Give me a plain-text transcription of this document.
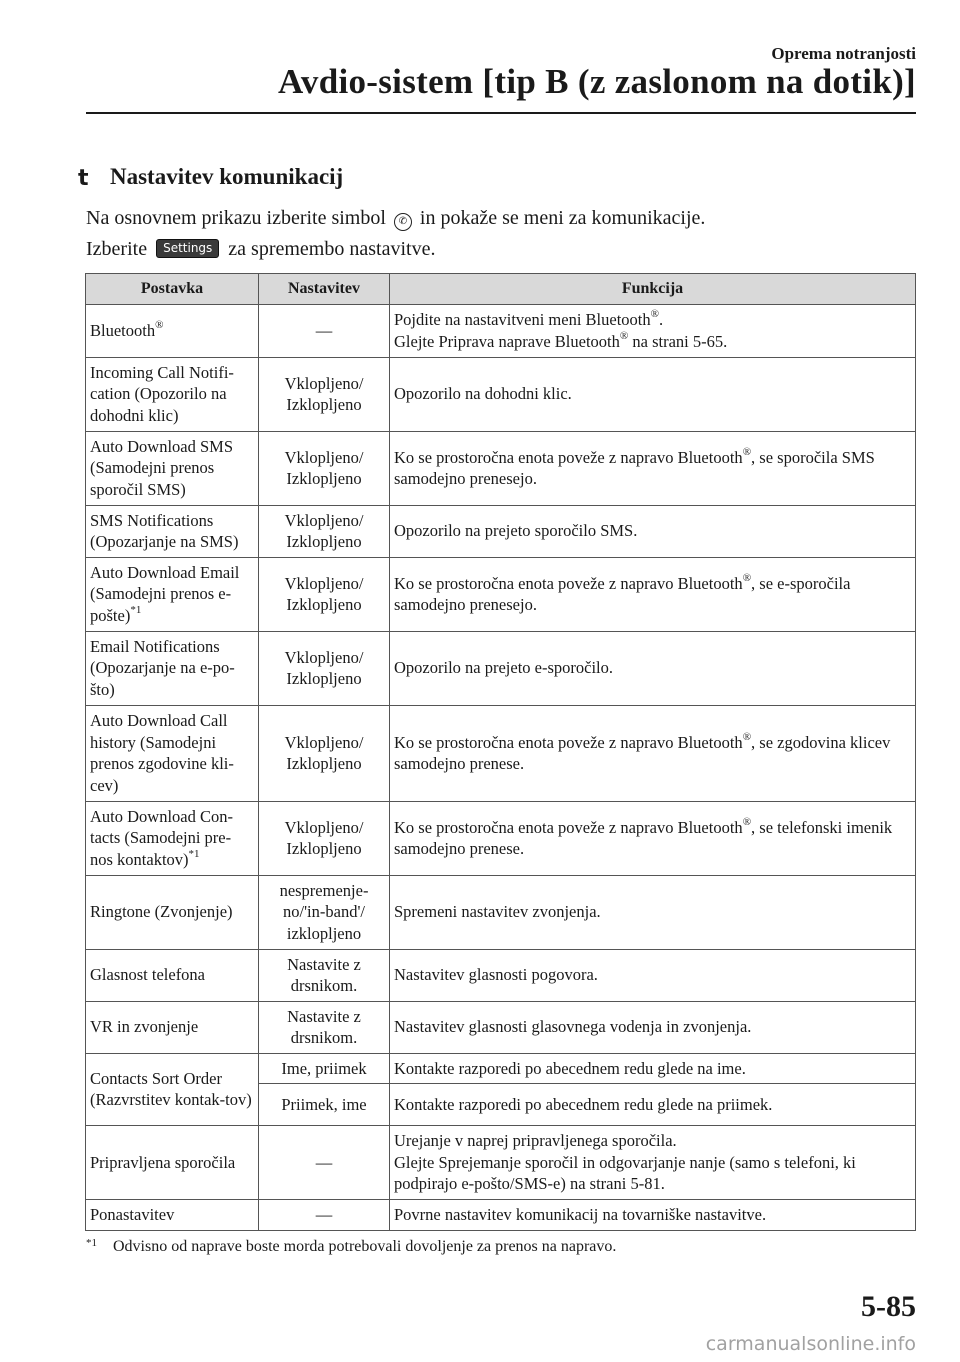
Oprema notranjosti
Avdio-sistem [tip B (z zaslonom na dotik)]
t Nastavitev komunikacij
Na osnovnem prikazu izberite simbol ✆ in pokaže se meni za komunikacije.
Izberite Settings za spremembo nastavitve.
Postavka	Nastavitev	Funkcija
Bluetooth®	—	Pojdite na nastavitveni meni Bluetooth®.
Glejte Priprava naprave Bluetooth® na strani 5-65.
Incoming Call Notifi-cation (Opozorilo na dohodni klic)	Vklopljeno/ Izklopljeno	Opozorilo na dohodni klic.
Auto Download SMS (Samodejni prenos sporočil SMS)	Vklopljeno/ Izklopljeno	Ko se prostoročna enota poveže z napravo Bluetooth®, se sporočila SMS samodejno prenesejo.
SMS Notifications (Opozarjanje na SMS)	Vklopljeno/ Izklopljeno	Opozorilo na prejeto sporočilo SMS.
Auto Download Email (Samodejni prenos e-pošte)$^{*1}$	Vklopljeno/ Izklopljeno	Ko se prostoročna enota poveže z napravo Bluetooth®, se e-sporočila samodejno prenesejo.
Email Notifications (Opozarjanje na e-po-što)	Vklopljeno/ Izklopljeno	Opozorilo na prejeto e-sporočilo.
Auto Download Call history (Samodejni prenos zgodovine kli-cev)	Vklopljeno/ Izklopljeno	Ko se prostoročna enota poveže z napravo Bluetooth®, se zgodovina klicev samodejno prenese.
Auto Download Con-tacts (Samodejni pre-nos kontaktov)$^{*1}$	Vklopljeno/ Izklopljeno	Ko se prostoročna enota poveže z napravo Bluetooth®, se telefonski imenik samodejno prenese.
Ringtone (Zvonjenje)	nespremenje-no/'in-band'/ izklopljeno	Spremeni nastavitev zvonjenja.
Glasnost telefona	Nastavite z drsnikom.	Nastavitev glasnosti pogovora.
VR in zvonjenje	Nastavite z drsnikom.	Nastavitev glasnosti glasovnega vodenja in zvonjenja.
Contacts Sort Order (Razvrstitev kontak-tov)	Ime, priimek	Kontakte razporedi po abecednem redu glede na ime.
	Priimek, ime	Kontakte razporedi po abecednem redu glede na priimek.
Pripravljena sporočila	—	Urejanje v naprej pripravljenega sporočila.
Glejte Sprejemanje sporočil in odgovarjanje nanje (samo s telefoni, ki podpirajo e-pošto/SMS-e) na strani 5-81.
Ponastavitev	—	Povrne nastavitev komunikacij na tovarniške nastavitve.
$^{*1}$ Odvisno od naprave boste morda potrebovali dovoljenje za prenos na napravo.
5-85
carmanualsonline.info
